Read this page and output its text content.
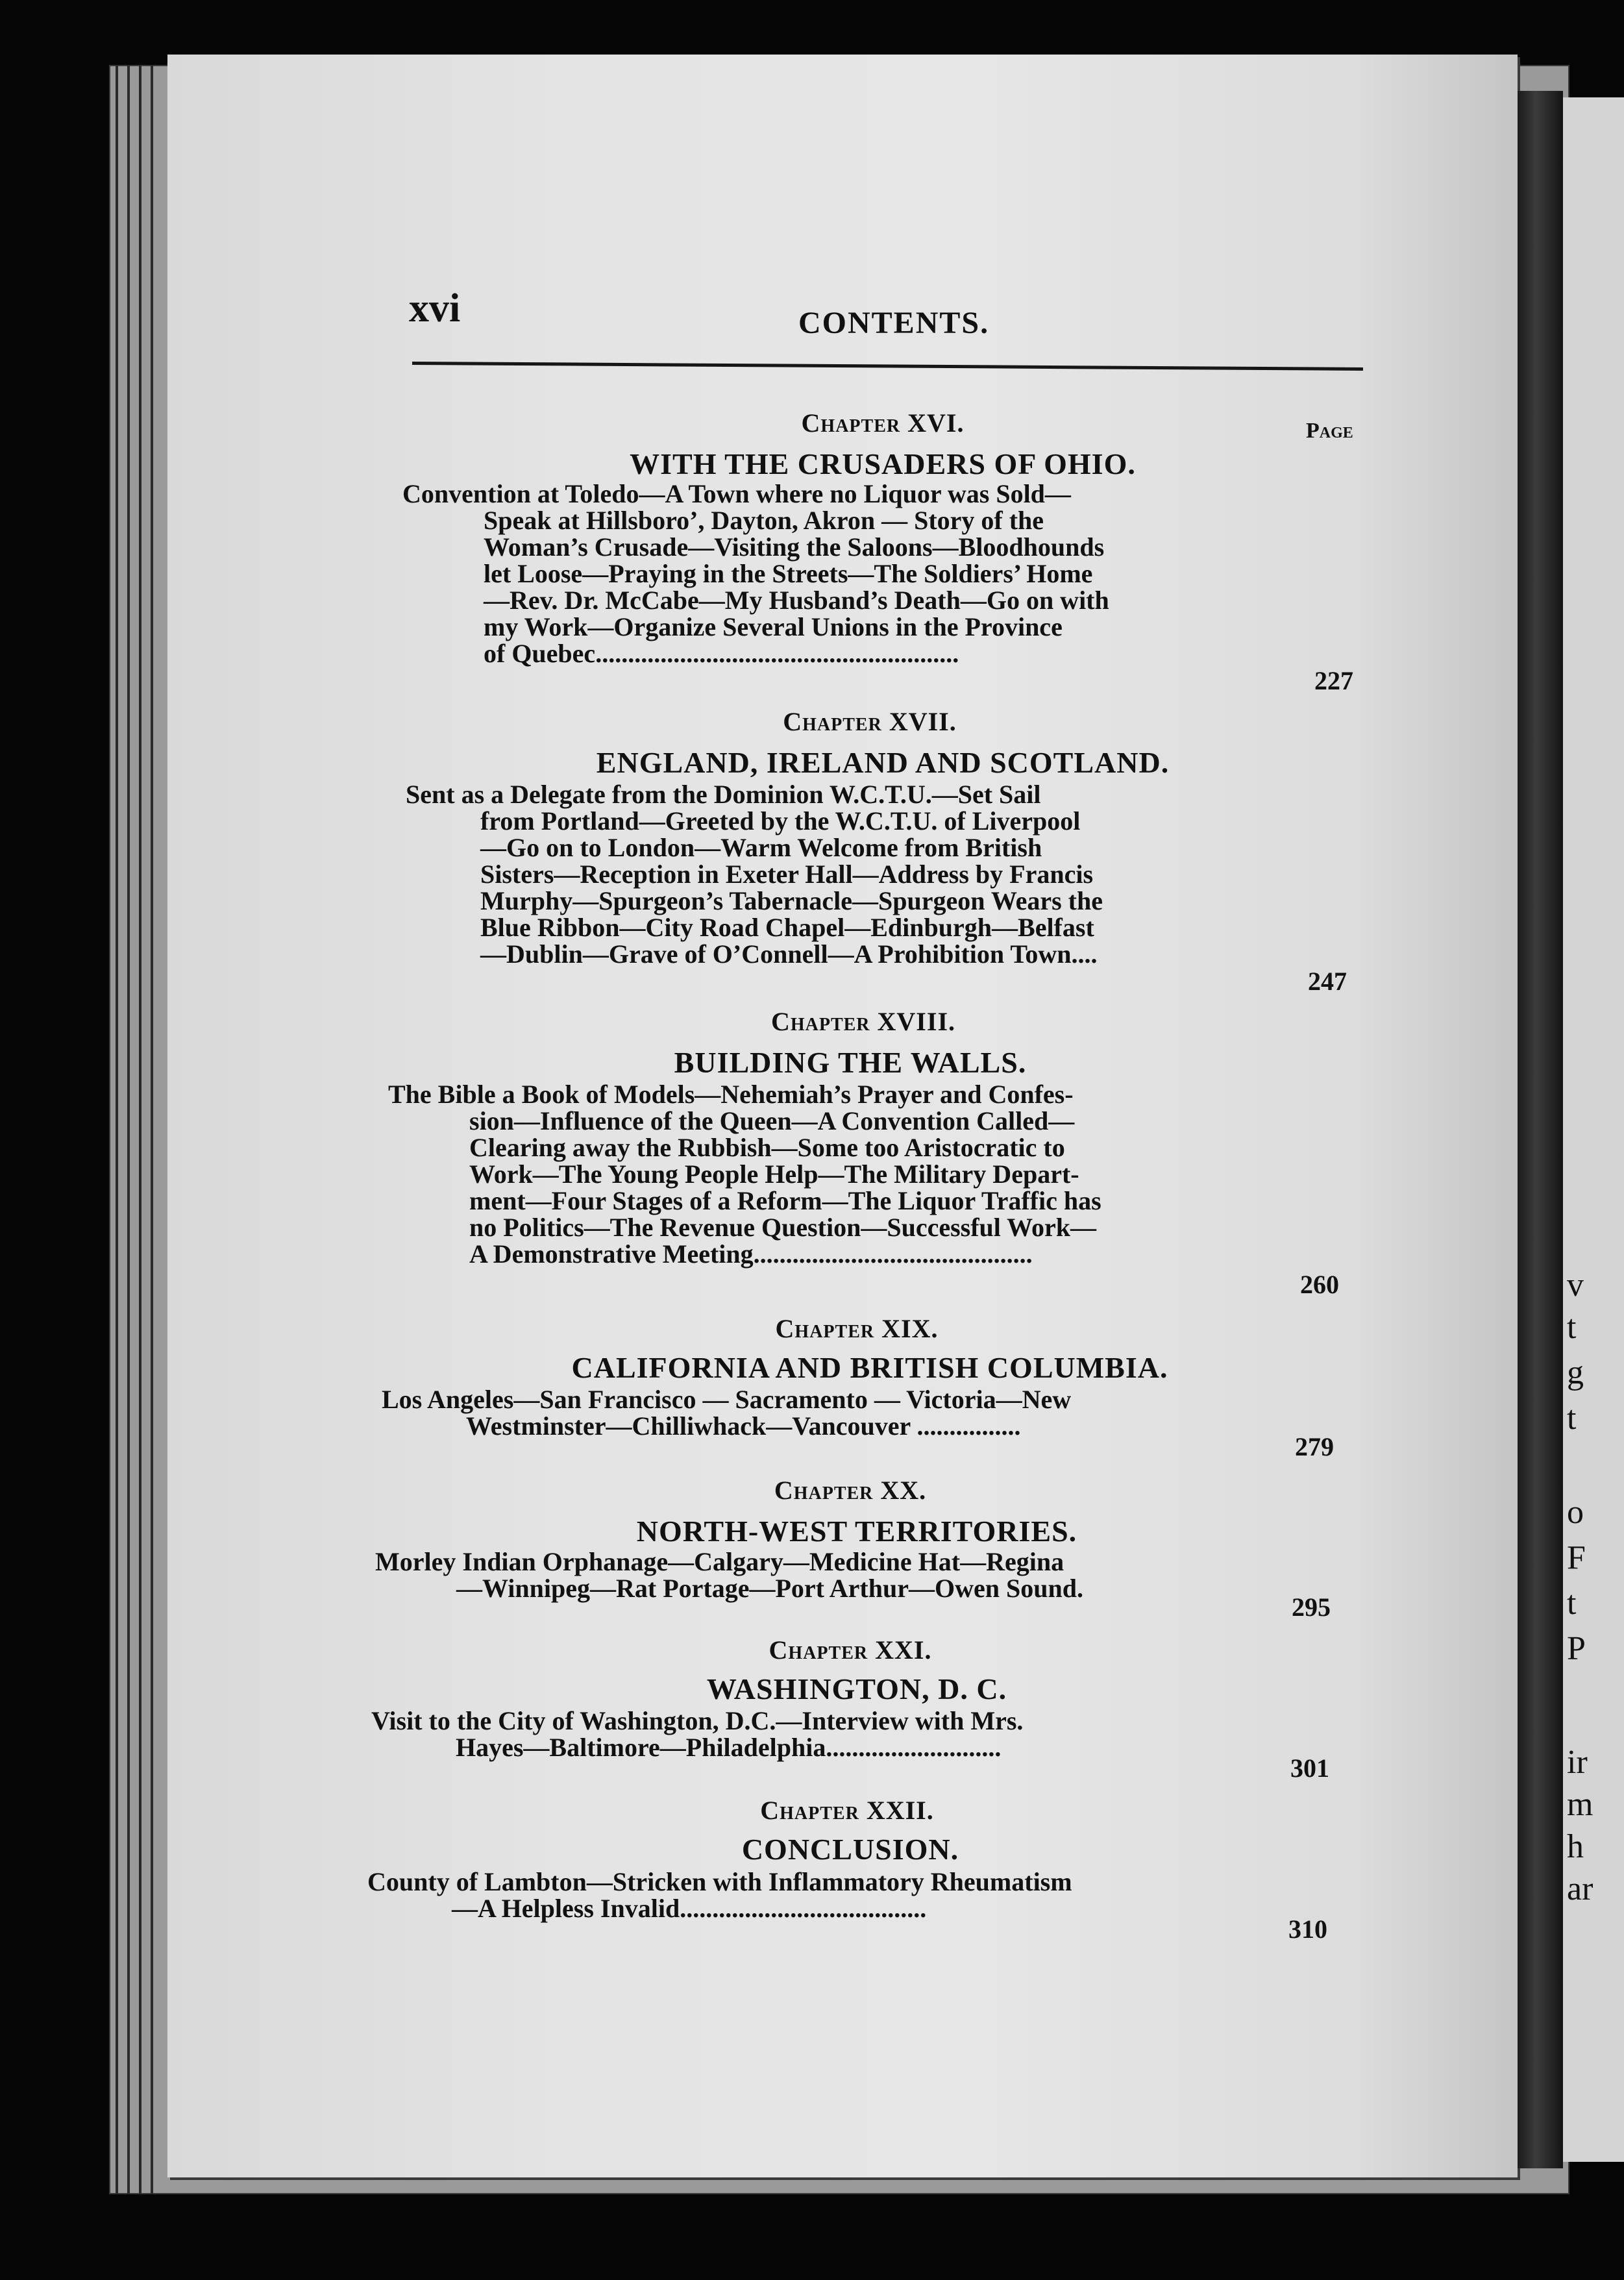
v
t
g
t
o
F
t
P
ir
m
h
ar
xvi	CONTENTS.
Page
Chapter XVI.
WITH THE CRUSADERS OF OHIO.
Convention at Toledo—A Town where no Liquor was Sold—
Speak at Hillsboro’, Dayton, Akron — Story of the
Woman’s Crusade—Visiting the Saloons—Bloodhounds
let Loose—Praying in the Streets—The Soldiers’ Home
—Rev. Dr. McCabe—My Husband’s Death—Go on with
my Work—Organize Several Unions in the Province
of Quebec........................................................
227
Chapter XVII.
ENGLAND, IRELAND AND SCOTLAND.
Sent as a Delegate from the Dominion W.C.T.U.—Set Sail
from Portland—Greeted by the W.C.T.U. of Liverpool
—Go on to London—Warm Welcome from British
Sisters—Reception in Exeter Hall—Address by Francis
Murphy—Spurgeon’s Tabernacle—Spurgeon Wears the
Blue Ribbon—City Road Chapel—Edinburgh—Belfast
—Dublin—Grave of O’Connell—A Prohibition Town....
247
Chapter XVIII.
BUILDING THE WALLS.
The Bible a Book of Models—Nehemiah’s Prayer and Confes-
sion—Influence of the Queen—A Convention Called—
Clearing away the Rubbish—Some too Aristocratic to
Work—The Young People Help—The Military Depart-
ment—Four Stages of a Reform—The Liquor Traffic has
no Politics—The Revenue Question—Successful Work—
A Demonstrative Meeting...........................................
260
Chapter XIX.
CALIFORNIA AND BRITISH COLUMBIA.
Los Angeles—San Francisco — Sacramento — Victoria—New
Westminster—Chilliwhack—Vancouver ................
279
Chapter XX.
NORTH-WEST TERRITORIES.
Morley Indian Orphanage—Calgary—Medicine Hat—Regina
—Winnipeg—Rat Portage—Port Arthur—Owen Sound.
295
Chapter XXI.
WASHINGTON, D. C.
Visit to the City of Washington, D.C.—Interview with Mrs.
Hayes—Baltimore—Philadelphia...........................
301
Chapter XXII.
CONCLUSION.
County of Lambton—Stricken with Inflammatory Rheumatism
—A Helpless Invalid......................................
310
